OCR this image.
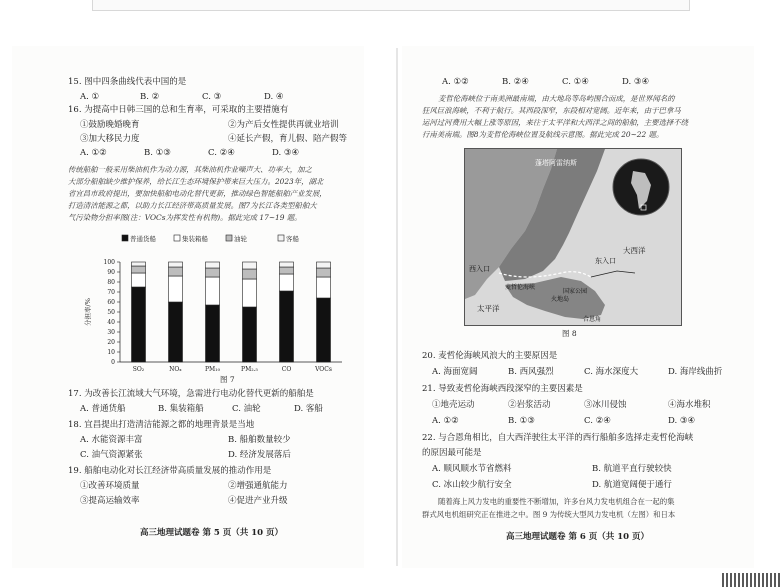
15. 图中四条曲线代表中国的是
A. ①	B. ②	C. ③	D. ④
16. 为提高中日韩三国的总和生育率，可采取的主要措施有
①鼓励晚婚晚育	②为产后女性提供再就业培训
③加大移民力度	④延长产假，育儿假、陪产假等
A. ①②	B. ①③	C. ②④	D. ③④
传统船舶一般采用柴油机作为动力源，其柴油机作业噪声大、功率大，加之
大部分船舶缺少维护保养，给长江生态环境保护带来巨大压力。2023年，湖北
省宜昌市政府提出，要加快船舶电动化替代更新，推动绿色智能船舶产业发展，
打造清洁能源之都，以助力长江经济带高质量发展。图7为长江各类型船舶大
气污染物分担率图(注：VOCs为挥发性有机物)。据此完成 17~19 题。
普通货船	集装箱船	油轮	客船
0
10
20
30
40
50
60
70
80
90
100
分担率/%
SO₂	NOₓ	PM₁₀	PM₂.₅	CO	VOCs
图 7
17. 为改善长江流域大气环境，急需进行电动化替代更新的船舶是
A. 普通货船	B. 集装箱船	C. 油轮	D. 客船
18. 宜昌提出打造清洁能源之都的地理背景是当地
A. 水能资源丰富	B. 船舶数量较少
C. 油气资源紧张	D. 经济发展落后
19. 船舶电动化对长江经济带高质量发展的推动作用是
①改善环境质量	②增强通航能力
③提高运输效率	④促进产业升级
高三地理试题卷 第 5 页（共 10 页）
A. ①②	B. ②④	C. ①④	D. ③④
麦哲伦海峡位于南美洲最南端，由大地岛等岛屿围合而成，是世界闻名的
狂风巨浪海峡，不利于航行。其西段深窄，东段相对宽阔。近年来，由于巴拿马
运河过河费用大幅上涨等原因，来往于太平洋和大西洋之间的船舶，主要选择不绕
行南美南端。图8为麦哲伦海峡位置及航线示意图。据此完成 20~22 题。
蓬塔阿雷纳斯
西入口
东入口
大西洋
太平洋
麦哲伦海峡
火地岛
国家公园
合恩角
图 8
20. 麦哲伦海峡风浪大的主要原因是
A. 海面宽阔	B. 西风强烈	C. 海水深度大	D. 海岸线曲折
21. 导致麦哲伦海峡西段深窄的主要因素是
①地壳运动	②岩浆活动	③冰川侵蚀	④海水堆积
A. ①②	B. ①③	C. ②④	D. ③④
22. 与合恩角相比，自大西洋驶往太平洋的西行船舶多选择走麦哲伦海峡
的原因最可能是
A. 顺风顺水节省燃料	B. 航道平直行驶较快
C. 冰山较少航行安全	D. 航道宽阔便于通行
随着海上风力发电的重要性不断增加，许多台风力发电机组合在一起的集
群式风电机组研究正在推进之中。图 9 为传统大型风力发电机（左图）和日本
高三地理试题卷 第 6 页（共 10 页）
